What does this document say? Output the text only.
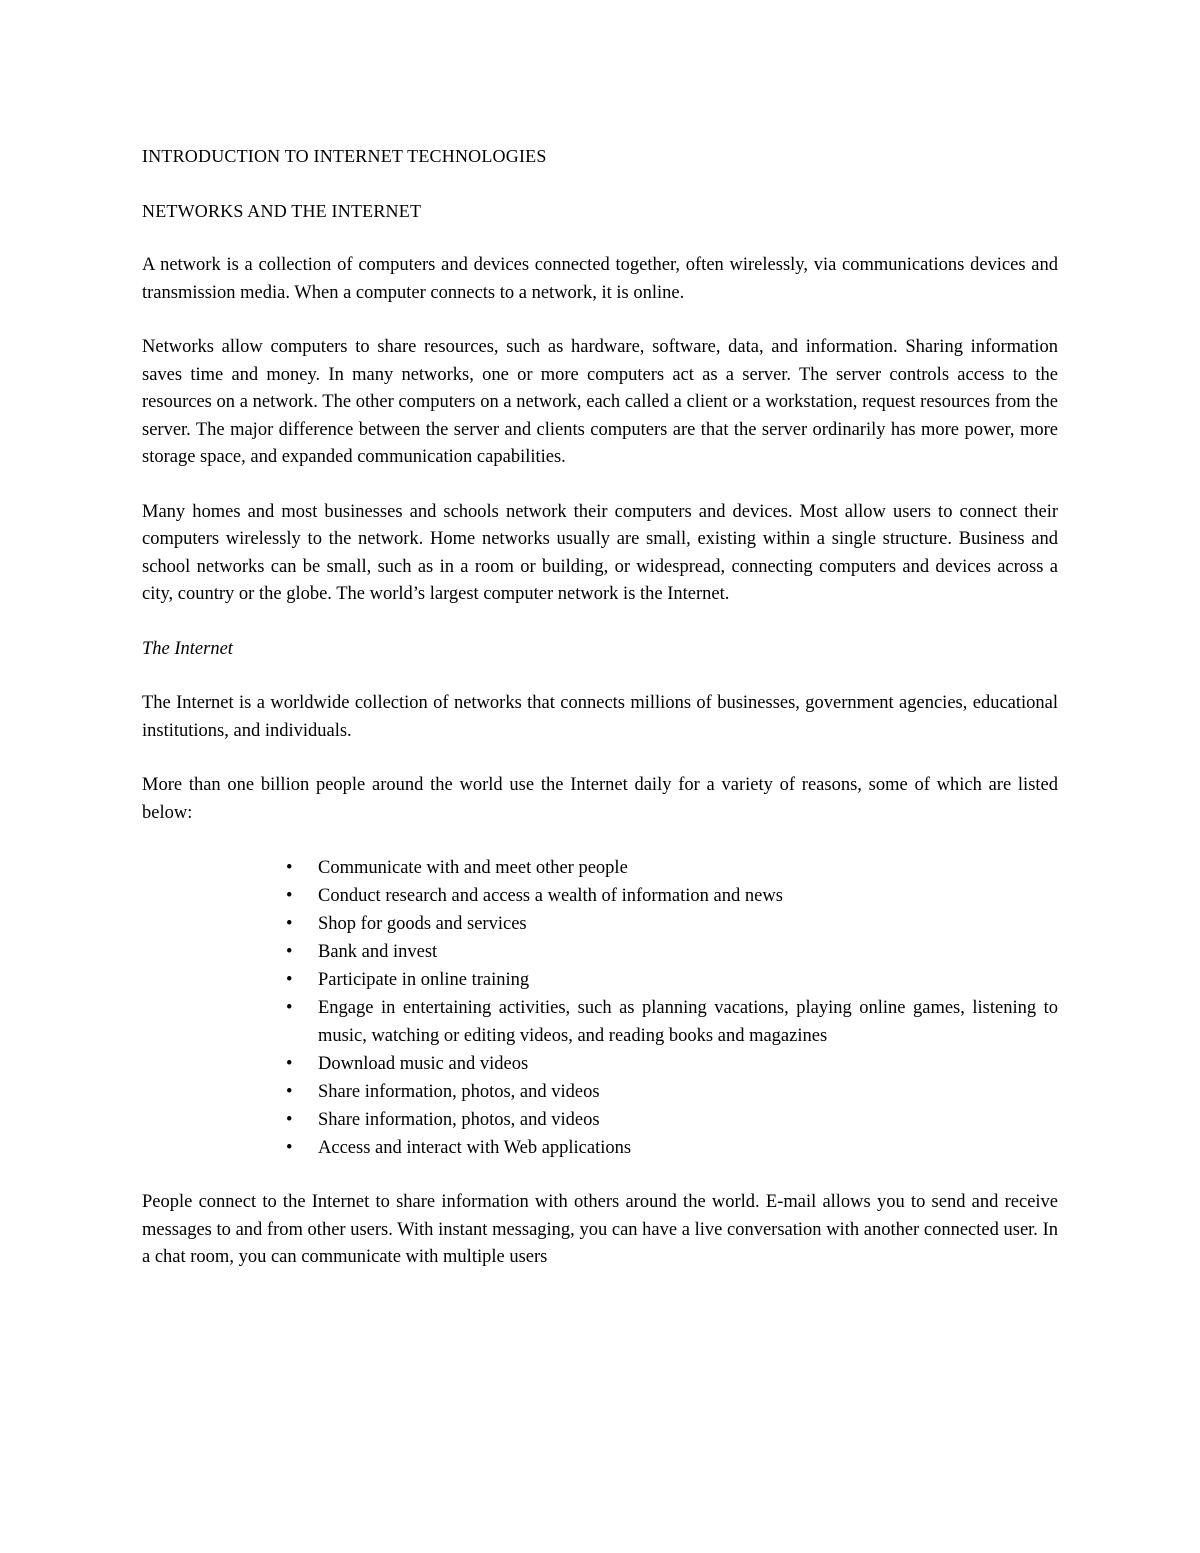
INTRODUCTION TO INTERNET TECHNOLOGIES

NETWORKS AND THE INTERNET

A network is a collection of computers and devices connected together, often wirelessly, via communications devices and transmission media. When a computer connects to a network, it is online.

Networks allow computers to share resources, such as hardware, software, data, and information. Sharing information saves time and money. In many networks, one or more computers act as a server. The server controls access to the resources on a network. The other computers on a network, each called a client or a workstation, request resources from the server. The major difference between the server and clients computers are that the server ordinarily has more power, more storage space, and expanded communication capabilities.

Many homes and most businesses and schools network their computers and devices. Most allow users to connect their computers wirelessly to the network. Home networks usually are small, existing within a single structure. Business and school networks can be small, such as in a room or building, or widespread, connecting computers and devices across a city, country or the globe. The world’s largest computer network is the Internet.

The Internet

The Internet is a worldwide collection of networks that connects millions of businesses, government agencies, educational institutions, and individuals.

More than one billion people around the world use the Internet daily for a variety of reasons, some of which are listed below:

• Communicate with and meet other people
• Conduct research and access a wealth of information and news
• Shop for goods and services
• Bank and invest
• Participate in online training
• Engage in entertaining activities, such as planning vacations, playing online games, listening to music, watching or editing videos, and reading books and magazines
• Download music and videos
• Share information, photos, and videos
• Share information, photos, and videos
• Access and interact with Web applications

People connect to the Internet to share information with others around the world. E-mail allows you to send and receive messages to and from other users. With instant messaging, you can have a live conversation with another connected user. In a chat room, you can communicate with multiple users
